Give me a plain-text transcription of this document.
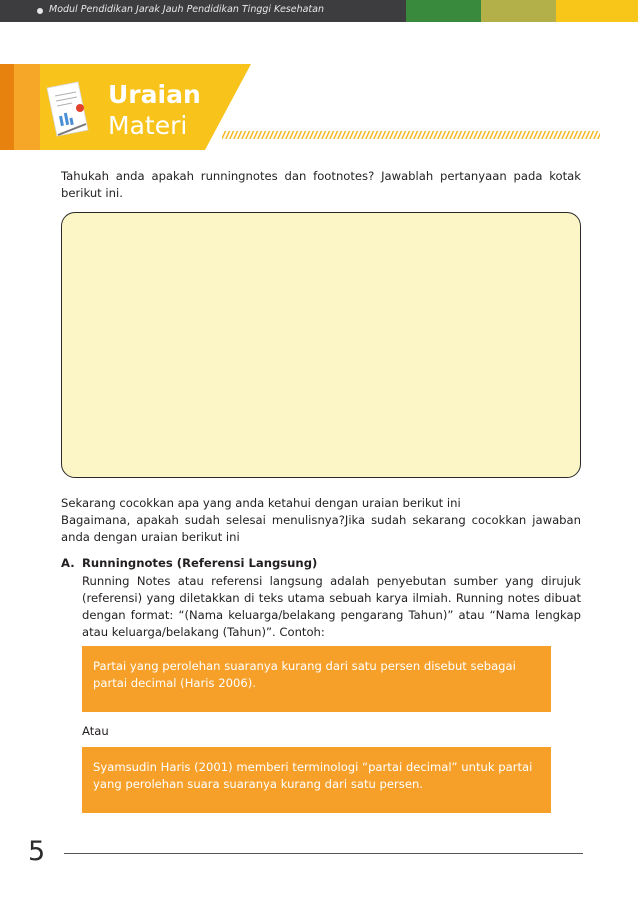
Modul Pendidikan Jarak Jauh Pendidikan Tinggi Kesehatan
Uraian
Materi
Tahukah anda apakah runningnotes dan footnotes? Jawablah pertanyaan pada kotak berikut ini.
Sekarang cocokkan apa yang anda ketahui dengan uraian berikut ini
Bagaimana, apakah sudah selesai menulisnya?Jika sudah sekarang cocokkan jawaban anda dengan uraian berikut ini
A. Runningnotes (Referensi Langsung)
Running Notes atau referensi langsung adalah penyebutan sumber yang dirujuk (referensi) yang diletakkan di teks utama sebuah karya ilmiah. Running notes dibuat dengan format: “(Nama keluarga/belakang pengarang Tahun)” atau “Nama lengkap atau keluarga/belakang (Tahun)”. Contoh:
Partai yang perolehan suaranya kurang dari satu persen disebut sebagai partai decimal (Haris 2006).
Atau
Syamsudin Haris (2001) memberi terminologi “partai decimal” untuk partai yang perolehan suara suaranya kurang dari satu persen.
5
